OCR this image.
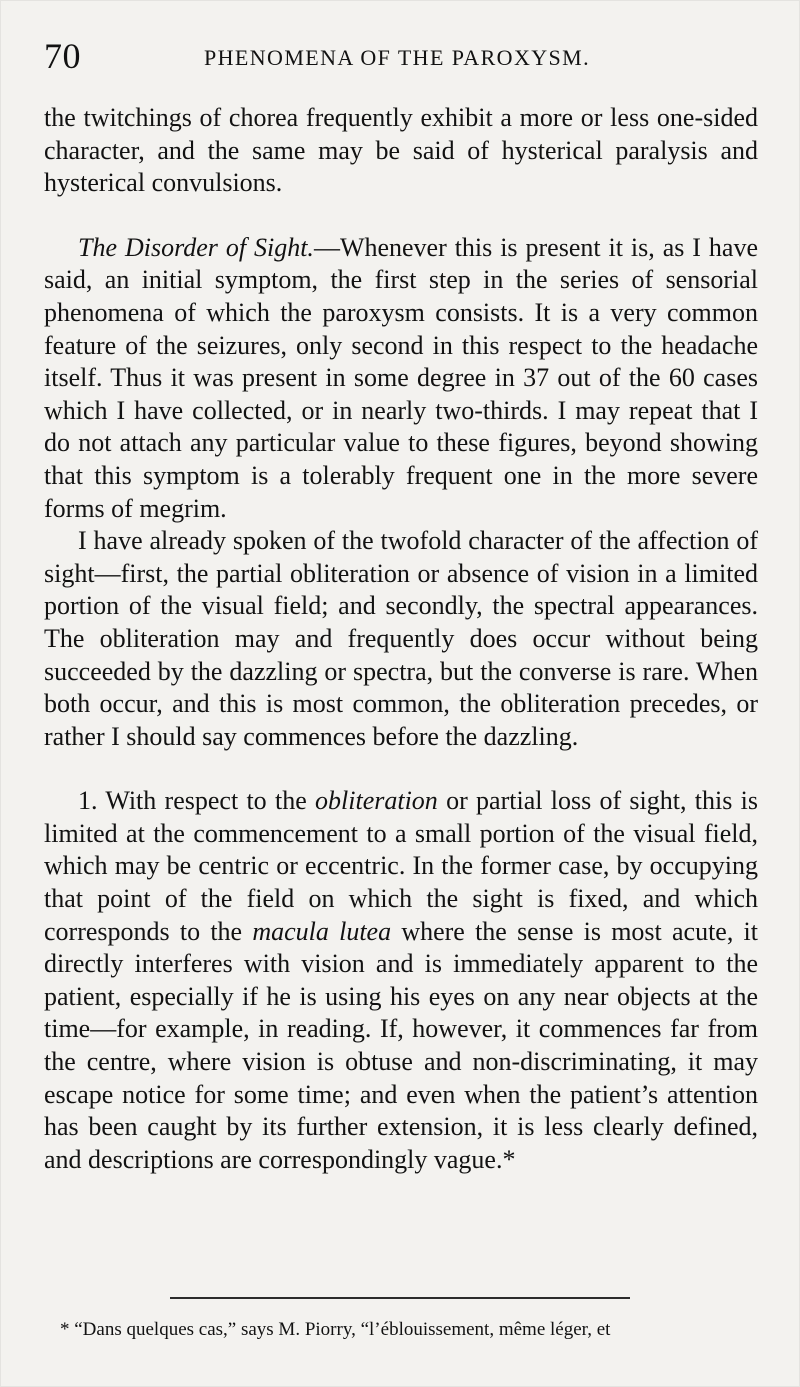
70	PHENOMENA OF THE PAROXYSM.

the twitchings of chorea frequently exhibit a more or less one-sided character, and the same may be said of hysterical paralysis and hysterical convulsions.

The Disorder of Sight.—Whenever this is present it is, as I have said, an initial symptom, the first step in the series of sensorial phenomena of which the paroxysm consists. It is a very common feature of the seizures, only second in this respect to the headache itself. Thus it was present in some degree in 37 out of the 60 cases which I have collected, or in nearly two-thirds. I may repeat that I do not attach any particular value to these figures, beyond showing that this symptom is a tolerably frequent one in the more severe forms of megrim.

I have already spoken of the twofold character of the affection of sight—first, the partial obliteration or absence of vision in a limited portion of the visual field; and secondly, the spectral appearances. The obliteration may and frequently does occur without being succeeded by the dazzling or spectra, but the converse is rare. When both occur, and this is most common, the obliteration precedes, or rather I should say commences before the dazzling.

1. With respect to the obliteration or partial loss of sight, this is limited at the commencement to a small portion of the visual field, which may be centric or eccentric. In the former case, by occupying that point of the field on which the sight is fixed, and which corresponds to the macula lutea where the sense is most acute, it directly interferes with vision and is immediately apparent to the patient, especially if he is using his eyes on any near objects at the time—for example, in reading. If, however, it commences far from the centre, where vision is obtuse and non-discriminating, it may escape notice for some time; and even when the patient’s attention has been caught by its further extension, it is less clearly defined, and descriptions are correspondingly vague.*

* “Dans quelques cas,” says M. Piorry, “l’éblouissement, même léger, et
